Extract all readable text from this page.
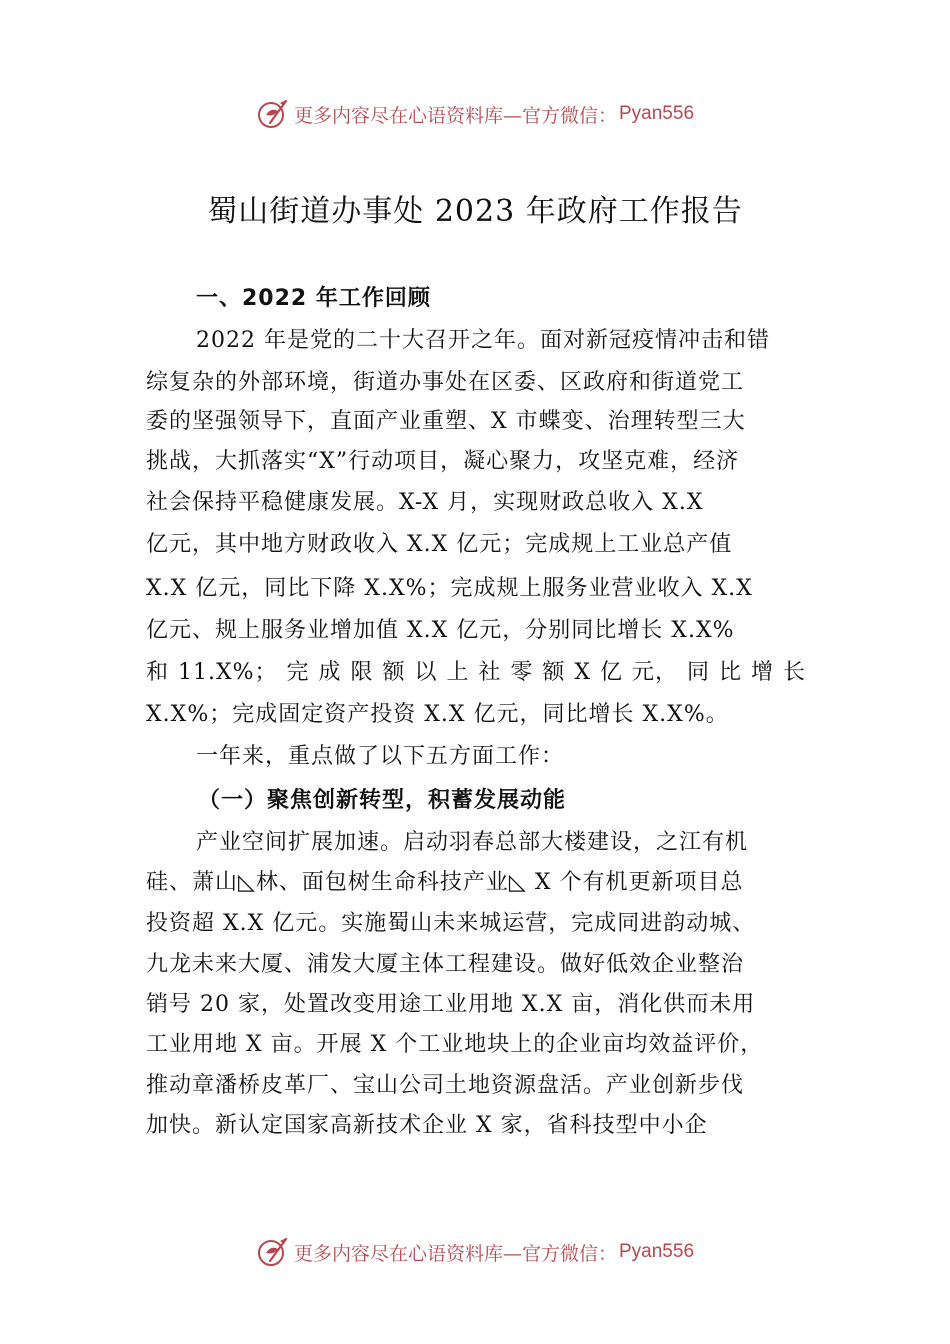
更多内容尽在心语资料库—官方微信： Pyan556
蜀山街道办事处 2023 年政府工作报告
一、2022 年工作回顾
2022 年是党的二十大召开之年。面对新冠疫情冲击和错
综复杂的外部环境，街道办事处在区委、区政府和街道党工
委的坚强领导下，直面产业重塑、X 市蝶变、治理转型三大
挑战，大抓落实“X”行动项目，凝心聚力，攻坚克难，经济
社会保持平稳健康发展。X-X 月，实现财政总收入 X.X
亿元，其中地方财政收入 X.X 亿元；完成规上工业总产值
X.X 亿元，同比下降 X.X%；完成规上服务业营业收入 X.X
亿元、规上服务业增加值 X.X 亿元，分别同比增长 X.X%
和 11.X%； 完 成 限 额 以 上 社 零 额 X 亿 元， 同 比 增 长
X.X%；完成固定资产投资 X.X 亿元，同比增长 X.X%。
一年来，重点做了以下五方面工作：
（一）聚焦创新转型，积蓄发展动能
产业空间扩展加速。启动羽春总部大楼建设，之江有机
硅、萧山◺林、面包树生命科技产业◺ X 个有机更新项目总
投资超 X.X 亿元。实施蜀山未来城运营，完成同进韵动城、
九龙未来大厦、浦发大厦主体工程建设。做好低效企业整治
销号 20 家，处置改变用途工业用地 X.X 亩，消化供而未用
工业用地 X 亩。开展 X 个工业地块上的企业亩均效益评价，
推动章潘桥皮革厂、宝山公司土地资源盘活。产业创新步伐
加快。新认定国家高新技术企业 X 家，省科技型中小企
更多内容尽在心语资料库—官方微信： Pyan556
